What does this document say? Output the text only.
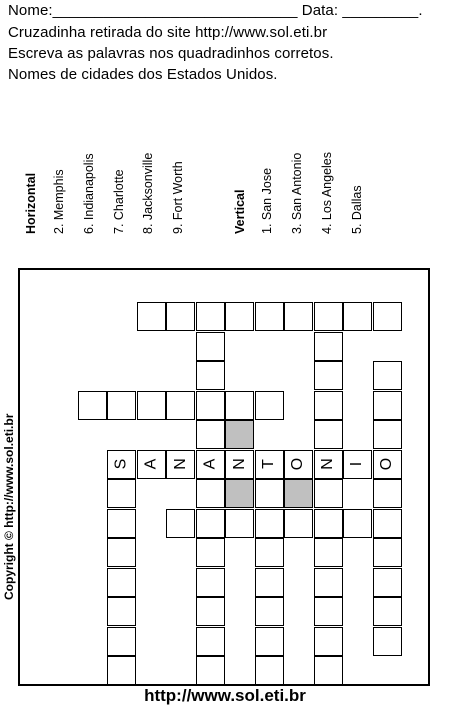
Nome:_____________________________ Data: _________.
Cruzadinha retirada do site http://www.sol.eti.br
Escreva as palavras nos quadradinhos corretos.
Nomes de cidades dos Estados Unidos.
Horizontal 2. Memphis 6. Indianapolis 7. Charlotte 8. Jacksonville 9. Fort Worth	Vertical 1. San Jose 3. San Antonio 4. Los Angeles 5. Dallas
S A N A N T O N I O
Copyright © http://www.sol.eti.br
http://www.sol.eti.br
